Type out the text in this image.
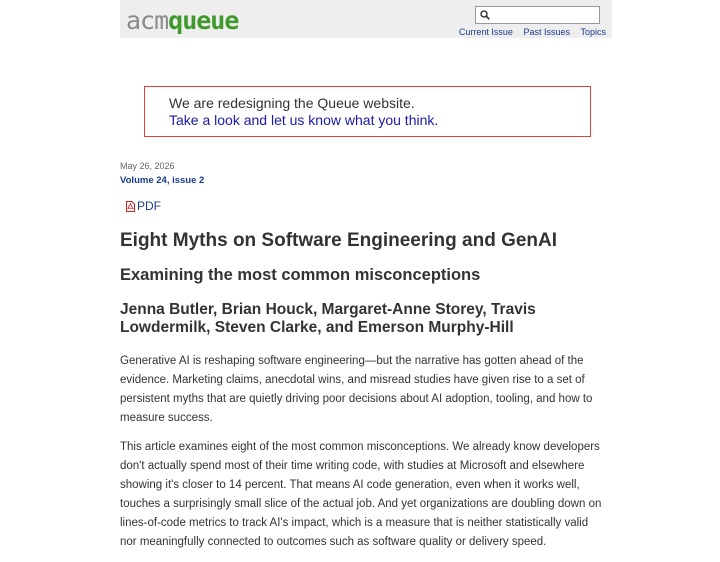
acm queue	Current Issue Past Issues Topics
We are redesigning the Queue website.
Take a look and let us know what you think.
May 26, 2026
Volume 24, issue 2
PDF
Eight Myths on Software Engineering and GenAI
Examining the most common misconceptions
Jenna Butler, Brian Houck, Margaret-Anne Storey, Travis Lowdermilk, Steven Clarke, and Emerson Murphy-Hill

Generative AI is reshaping software engineering—but the narrative has gotten ahead of the evidence. Marketing claims, anecdotal wins, and misread studies have given rise to a set of persistent myths that are quietly driving poor decisions about AI adoption, tooling, and how to measure success.

This article examines eight of the most common misconceptions. We already know developers don't actually spend most of their time writing code, with studies at Microsoft and elsewhere showing it's closer to 14 percent. That means AI code generation, even when it works well, touches a surprisingly small slice of the actual job. And yet organizations are doubling down on lines-of-code metrics to track AI's impact, which is a measure that is neither statistically valid nor meaningfully connected to outcomes such as software quality or delivery speed.
